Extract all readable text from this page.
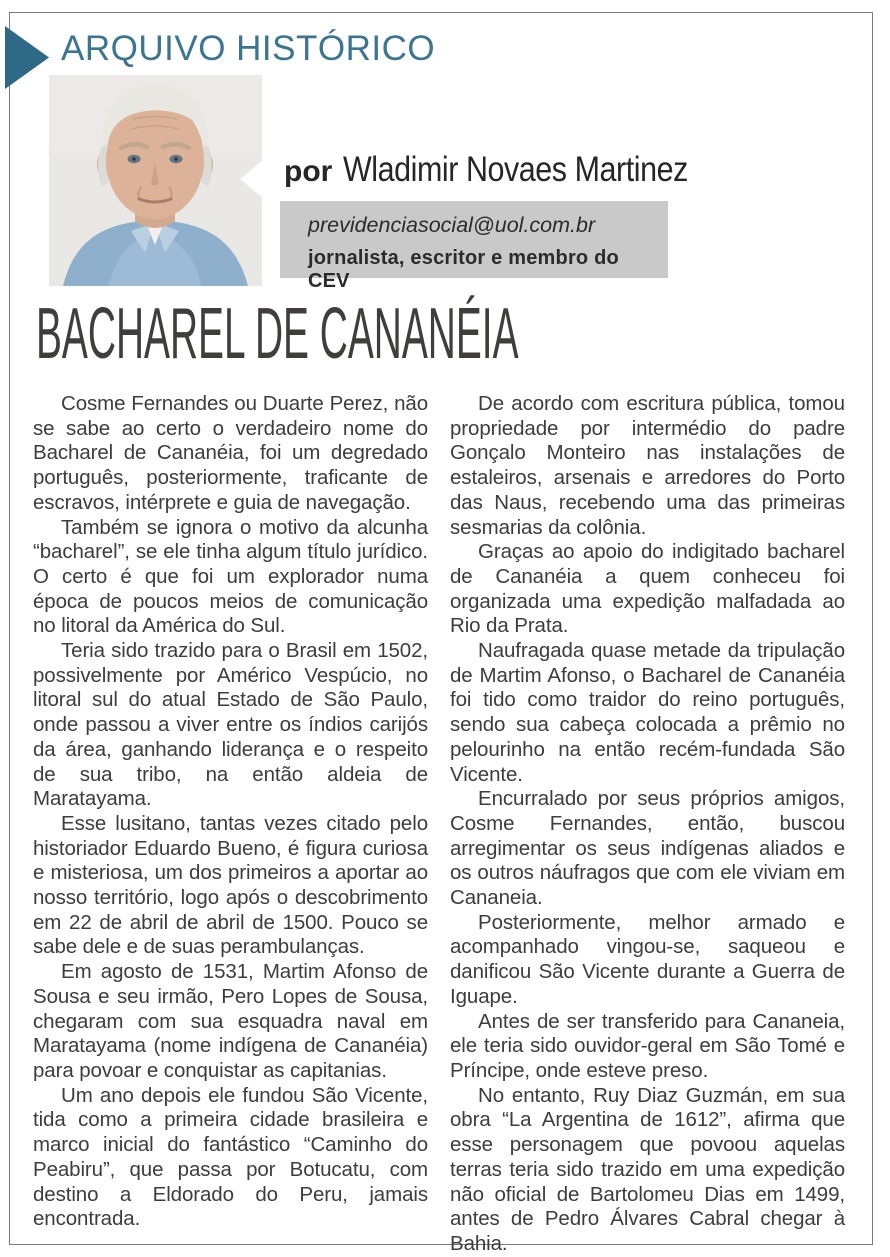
ARQUIVO HISTÓRICO
por Wladimir Novaes Martinez

previdenciasocial@uol.com.br

jornalista, escritor e membro do CEV

BACHAREL DE CANANÉIA

Cosme Fernandes ou Duarte Perez, não se sabe ao certo o verdadeiro nome do Bacharel de Cananéia, foi um degredado português, posteriormente, traficante de escravos, intérprete e guia de navegação.

Também se ignora o motivo da alcunha “bacharel”, se ele tinha algum título jurídico. O certo é que foi um explorador numa época de poucos meios de comunicação no litoral da América do Sul.

Teria sido trazido para o Brasil em 1502, possivelmente por Américo Vespúcio, no litoral sul do atual Estado de São Paulo, onde passou a viver entre os índios carijós da área, ganhando liderança e o respeito de sua tribo, na então aldeia de Maratayama.

Esse lusitano, tantas vezes citado pelo historiador Eduardo Bueno, é figura curiosa e misteriosa, um dos primeiros a aportar ao nosso território, logo após o descobrimento em 22 de abril de abril de 1500. Pouco se sabe dele e de suas perambulanças.

Em agosto de 1531, Martim Afonso de Sousa e seu irmão, Pero Lopes de Sousa, chegaram com sua esquadra naval em Maratayama (nome indígena de Cananéia) para povoar e conquistar as capitanias.

Um ano depois ele fundou São Vicente, tida como a primeira cidade brasileira e marco inicial do fantástico “Caminho do Peabiru”, que passa por Botucatu, com destino a Eldorado do Peru, jamais encontrada.

De acordo com escritura pública, tomou propriedade por intermédio do padre Gonçalo Monteiro nas instalações de estaleiros, arsenais e arredores do Porto das Naus, recebendo uma das primeiras sesmarias da colônia.

Graças ao apoio do indigitado bacharel de Cananéia a quem conheceu foi organizada uma expedição malfadada ao Rio da Prata.

Naufragada quase metade da tripulação de Martim Afonso, o Bacharel de Cananéia foi tido como traidor do reino português, sendo sua cabeça colocada a prêmio no pelourinho na então recém-fundada São Vicente.

Encurralado por seus próprios amigos, Cosme Fernandes, então, buscou arregimentar os seus indígenas aliados e os outros náufragos que com ele viviam em Cananeia.

Posteriormente, melhor armado e acompanhado vingou-se, saqueou e danificou São Vicente durante a Guerra de Iguape.

Antes de ser transferido para Cananeia, ele teria sido ouvidor-geral em São Tomé e Príncipe, onde esteve preso.

No entanto, Ruy Diaz Guzmán, em sua obra “La Argentina de 1612”, afirma que esse personagem que povoou aquelas terras teria sido trazido em uma expedição não oficial de Bartolomeu Dias em 1499, antes de Pedro Álvares Cabral chegar à Bahia.
